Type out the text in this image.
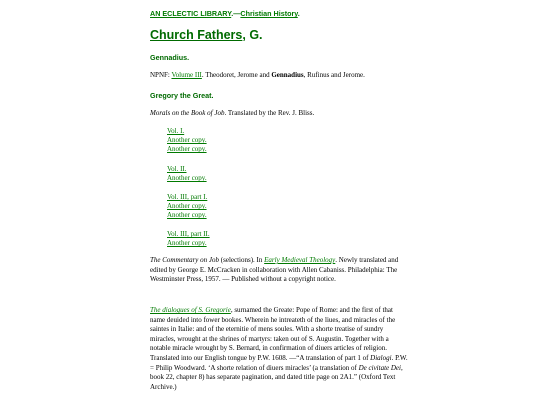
AN ECLECTIC LIBRARY.—Christian History.
Church Fathers, G.
Gennadius.
NPNF: Volume III. Theodoret, Jerome and Gennadius, Rufinus and Jerome.
Gregory the Great.
Morals on the Book of Job. Translated by the Rev. J. Bliss.
Vol. I.
Another copy.
Another copy.
Vol. II.
Another copy.
Vol. III, part I.
Another copy.
Another copy.
Vol. III, part II.
Another copy.
The Commentary on Job (selections). In Early Medieval Theology. Newly translated and edited by George E. McCracken in collaboration with Allen Cabaniss. Philadelphia: The Westminster Press, 1957. — Published without a copyright notice.
The dialogues of S. Gregorie, surnamed the Greate: Pope of Rome: and the first of that name deuided into fower bookes. Wherein he intreateth of the liues, and miracles of the saintes in Italie: and of the eternitie of mens soules. With a shorte treatise of sundry miracles, wrought at the shrines of martyrs: taken out of S. Augustin. Together with a notable miracle wrought by S. Bernard, in confirmation of diuers articles of religion. Translated into our English tongue by P.W. 1608. —“A translation of part 1 of Dialogi. P.W. = Philip Woodward. ‘A shorte relation of diuers miracles’ (a translation of De civitate Dei, book 22, chapter 8) has separate pagination, and dated title page on 2A1.” (Oxford Text Archive.)
